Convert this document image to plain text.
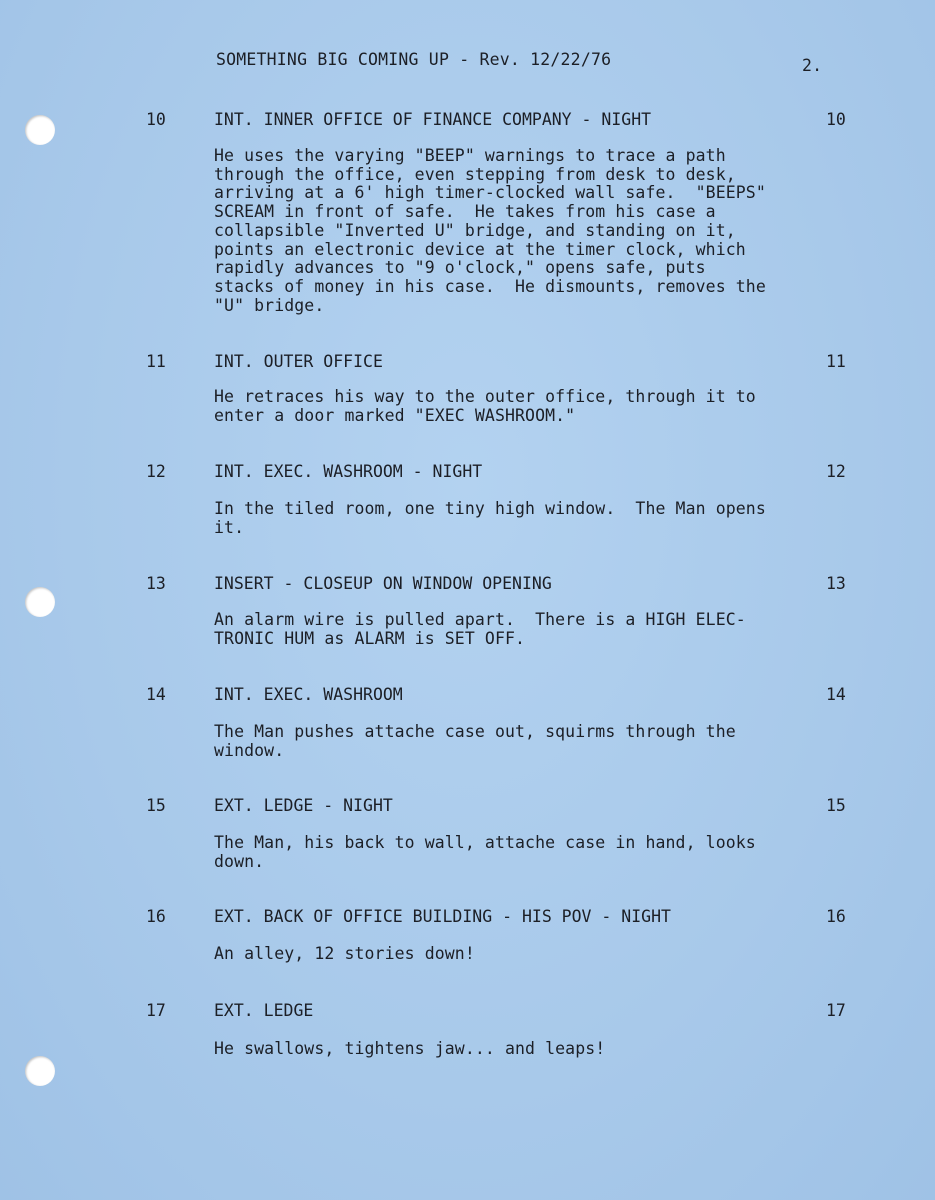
SOMETHING BIG COMING UP - Rev. 12/22/76	2.
10	INT. INNER OFFICE OF FINANCE COMPANY - NIGHT	10
He uses the varying "BEEP" warnings to trace a path
through the office, even stepping from desk to desk,
arriving at a 6' high timer-clocked wall safe.  "BEEPS"
SCREAM in front of safe.  He takes from his case a
collapsible "Inverted U" bridge, and standing on it,
points an electronic device at the timer clock, which
rapidly advances to "9 o'clock," opens safe, puts
stacks of money in his case.  He dismounts, removes the
"U" bridge.
11	INT. OUTER OFFICE	11
He retraces his way to the outer office, through it to
enter a door marked "EXEC WASHROOM."
12	INT. EXEC. WASHROOM - NIGHT	12
In the tiled room, one tiny high window.  The Man opens
it.
13	INSERT - CLOSEUP ON WINDOW OPENING	13
An alarm wire is pulled apart.  There is a HIGH ELEC-
TRONIC HUM as ALARM is SET OFF.
14	INT. EXEC. WASHROOM	14
The Man pushes attache case out, squirms through the
window.
15	EXT. LEDGE - NIGHT	15
The Man, his back to wall, attache case in hand, looks
down.
16	EXT. BACK OF OFFICE BUILDING - HIS POV - NIGHT	16
An alley, 12 stories down!
17	EXT. LEDGE	17
He swallows, tightens jaw... and leaps!
